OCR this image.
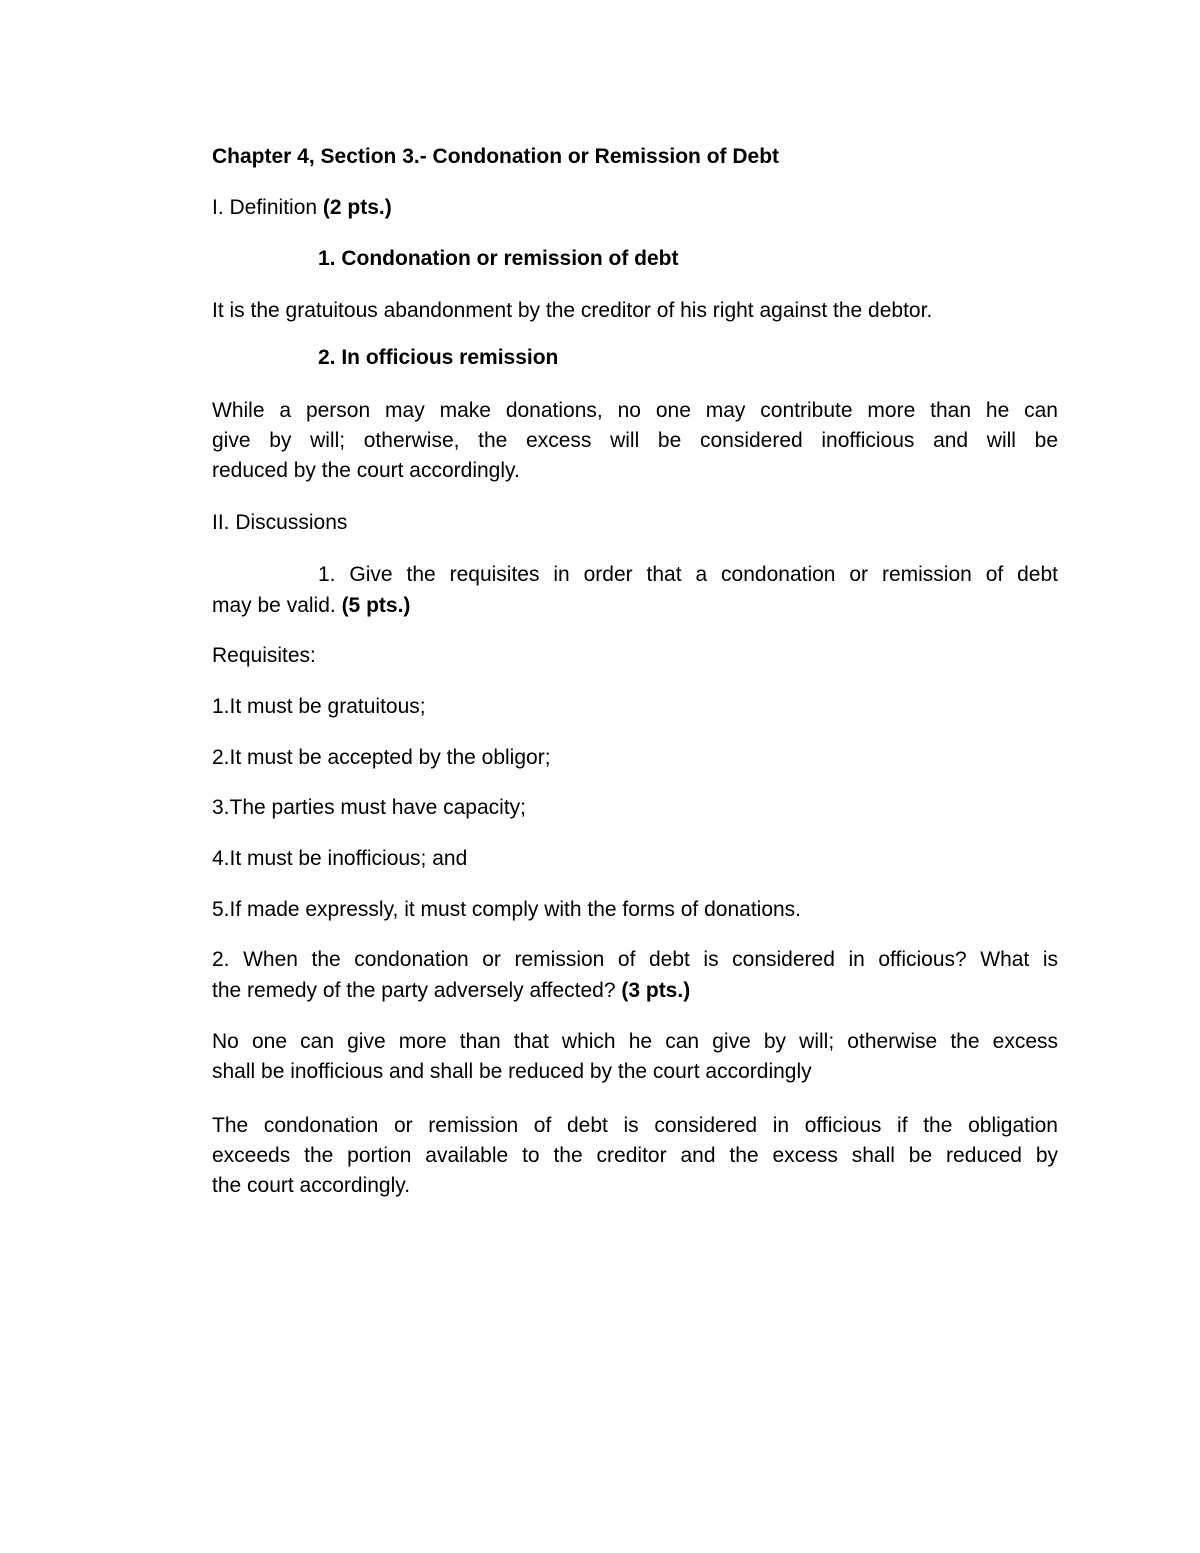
Chapter 4, Section 3.- Condonation or Remission of Debt
I. Definition (2 pts.)
1. Condonation or remission of debt
It is the gratuitous abandonment by the creditor of his right against the debtor.
2. In officious remission
While a person may make donations, no one may contribute more than he can
give by will; otherwise, the excess will be considered inofficious and will be
reduced by the court accordingly.
II. Discussions
1. Give the requisites in order that a condonation or remission of debt
may be valid. (5 pts.)
Requisites:
1.It must be gratuitous;
2.It must be accepted by the obligor;
3.The parties must have capacity;
4.It must be inofficious; and
5.If made expressly, it must comply with the forms of donations.
2. When the condonation or remission of debt is considered in officious? What is
the remedy of the party adversely affected? (3 pts.)
No one can give more than that which he can give by will; otherwise the excess
shall be inofficious and shall be reduced by the court accordingly
The condonation or remission of debt is considered in officious if the obligation
exceeds the portion available to the creditor and the excess shall be reduced by
the court accordingly.
